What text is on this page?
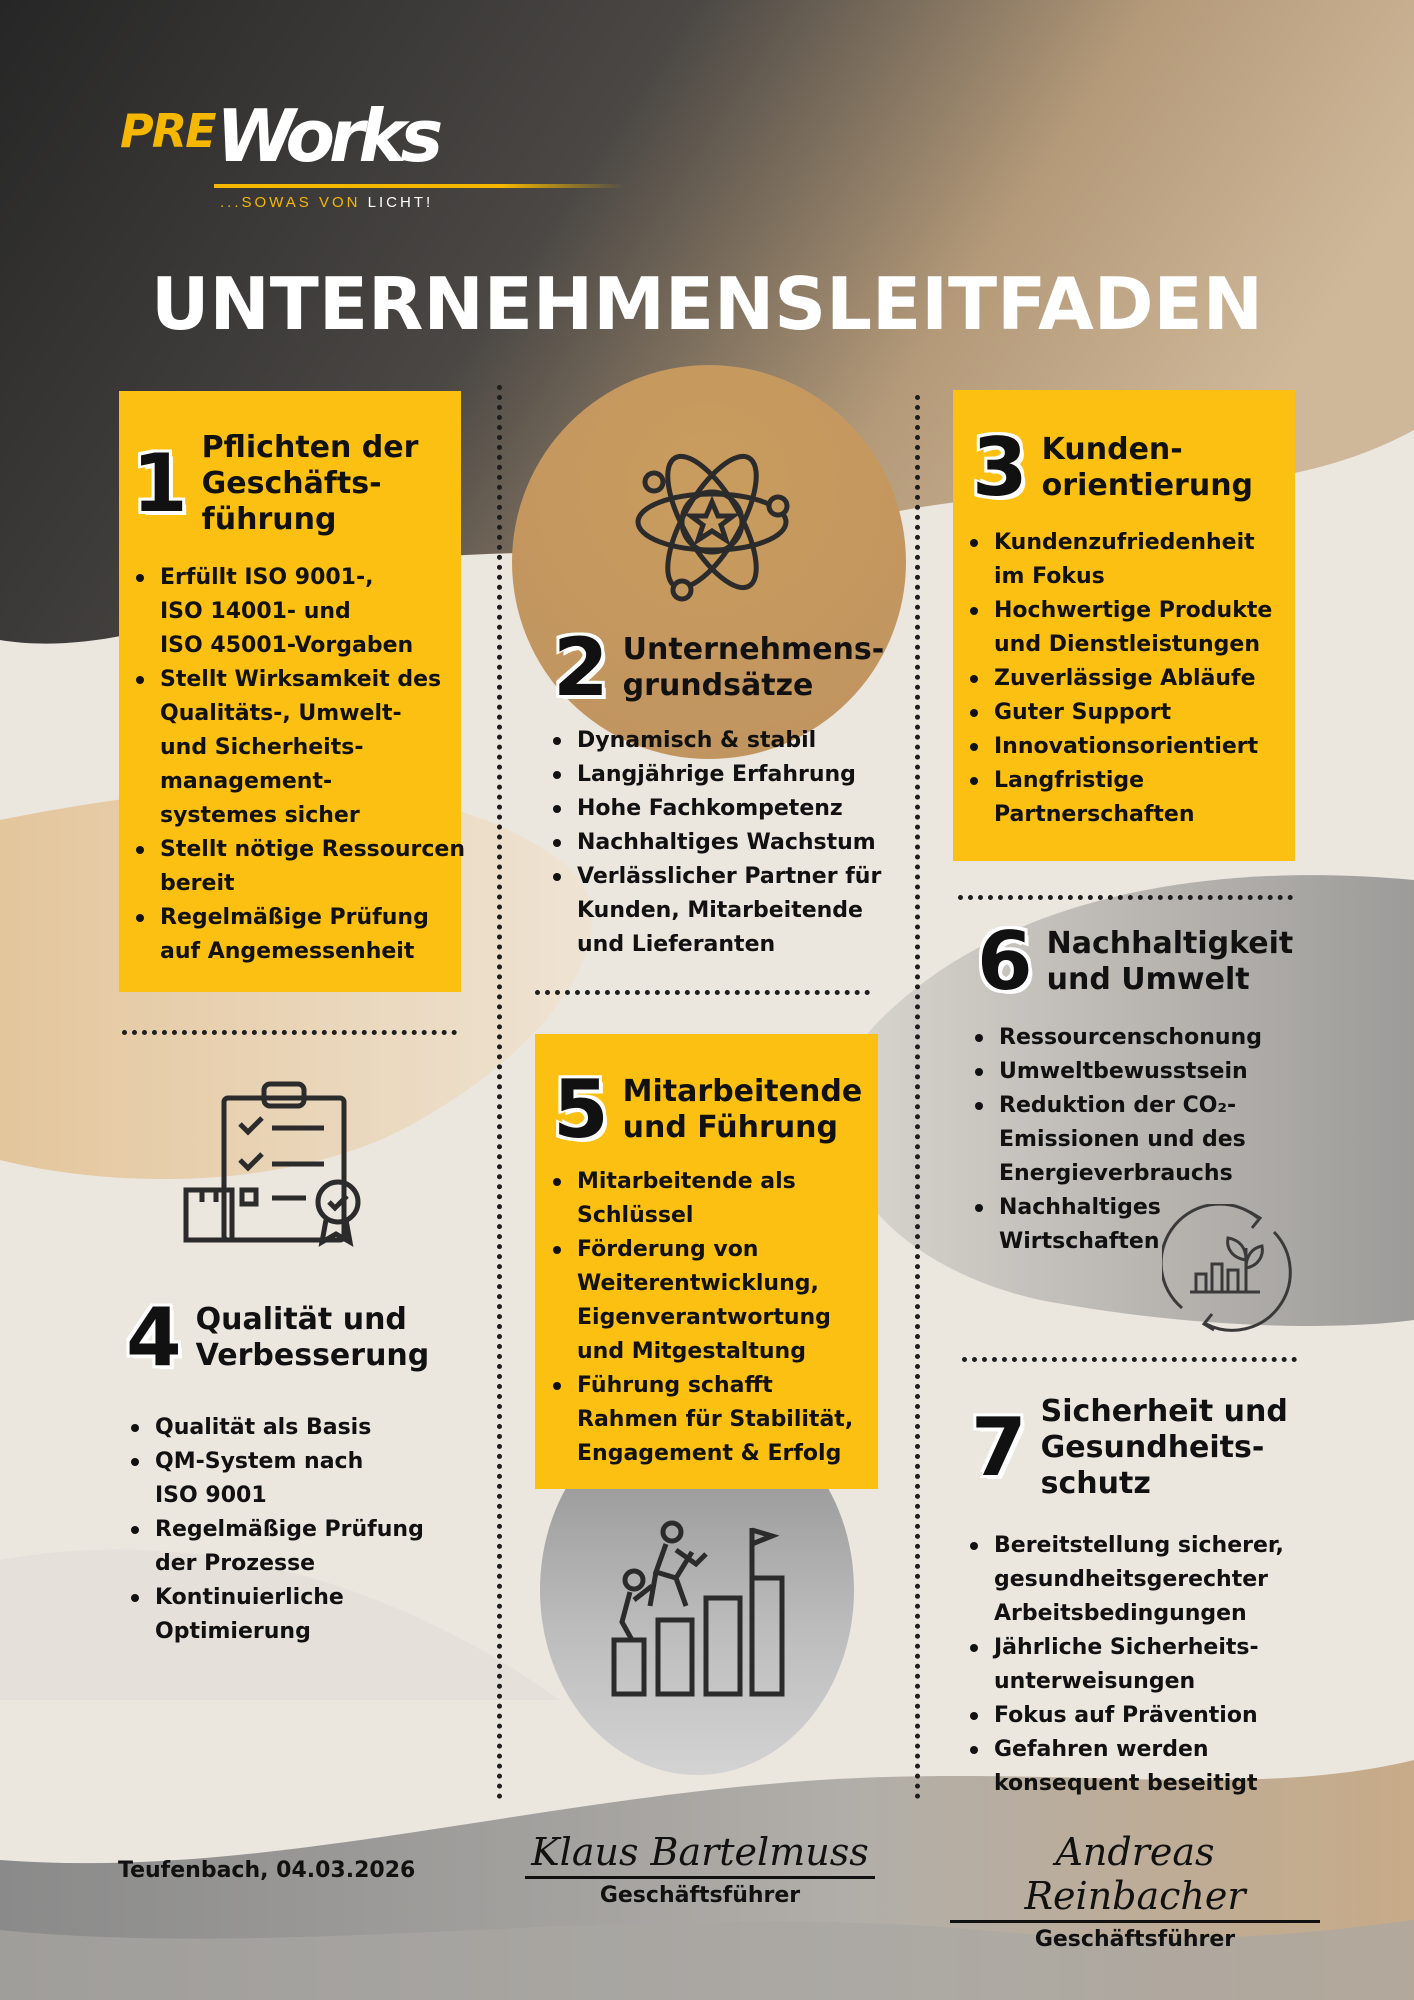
PRE Works
...SOWAS VON LICHT!
UNTERNEHMENSLEITFADEN
1 Pflichten der
Geschäfts-
führung
Erfüllt ISO 9001-,
ISO 14001- und
ISO 45001-Vorgaben
Stellt Wirksamkeit des
Qualitäts-, Umwelt-
und Sicherheits-
management-
systemes sicher
Stellt nötige Ressourcen
bereit
Regelmäßige Prüfung
auf Angemessenheit
2 Unternehmens-
grundsätze
Dynamisch & stabil
Langjährige Erfahrung
Hohe Fachkompetenz
Nachhaltiges Wachstum
Verlässlicher Partner für
Kunden, Mitarbeitende
und Lieferanten
3 Kunden-
orientierung
Kundenzufriedenheit
im Fokus
Hochwertige Produkte
und Dienstleistungen
Zuverlässige Abläufe
Guter Support
Innovationsorientiert
Langfristige
Partnerschaften
4 Qualität und
Verbesserung
Qualität als Basis
QM-System nach
ISO 9001
Regelmäßige Prüfung
der Prozesse
Kontinuierliche
Optimierung
5 Mitarbeitende
und Führung
Mitarbeitende als
Schlüssel
Förderung von
Weiterentwicklung,
Eigenverantwortung
und Mitgestaltung
Führung schafft
Rahmen für Stabilität,
Engagement & Erfolg
6 Nachhaltigkeit
und Umwelt
Ressourcenschonung
Umweltbewusstsein
Reduktion der CO₂-
Emissionen und des
Energieverbrauchs
Nachhaltiges
Wirtschaften
7 Sicherheit und
Gesundheits-
schutz
Bereitstellung sicherer,
gesundheitsgerechter
Arbeitsbedingungen
Jährliche Sicherheits-
unterweisungen
Fokus auf Prävention
Gefahren werden
konsequent beseitigt
Teufenbach, 04.03.2026	Klaus Bartelmuss
Geschäftsführer
Andreas Reinbacher
Geschäftsführer
